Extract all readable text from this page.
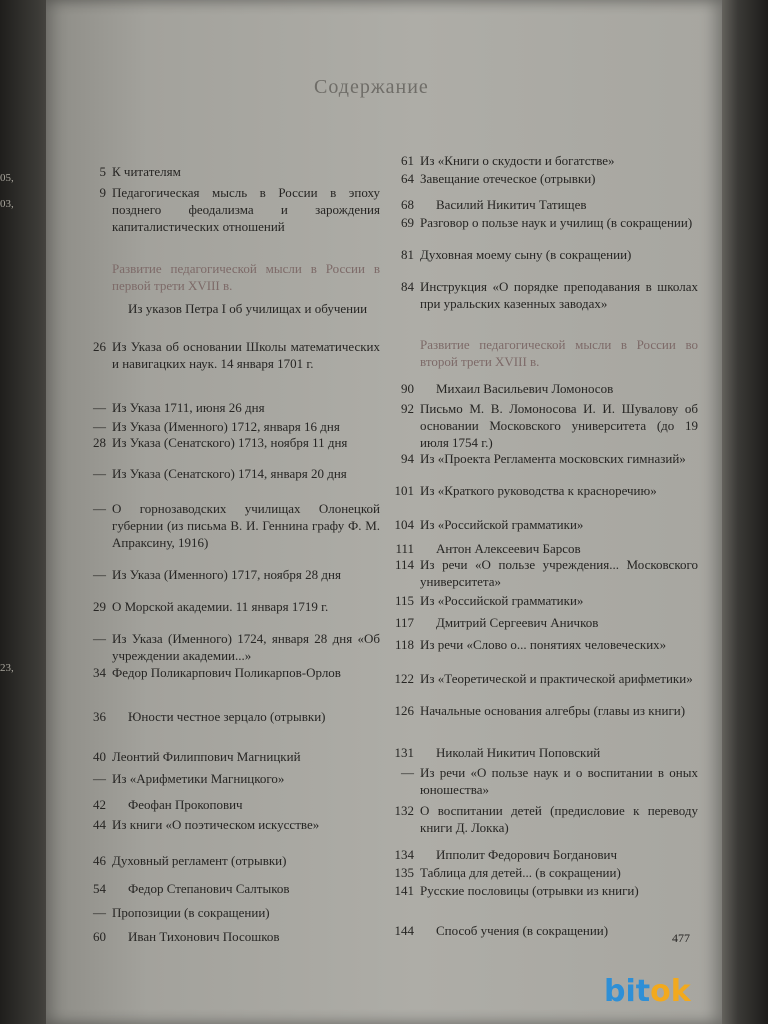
05,
03,
23,
Содержание
5 К читателям
9 Педагогическая мысль в России в эпоху позднего феодализма и зарождения капиталистических отношений
Развитие педагогической мысли в России в первой трети XVIII в.
Из указов Петра I об училищах и обучении
26 Из Указа об основании Школы математических и навигацких наук. 14 января 1701 г.
— Из Указа 1711, июня 26 дня
— Из Указа (Именного) 1712, января 16 дня
28 Из Указа (Сенатского) 1713, ноября 11 дня
— Из Указа (Сенатского) 1714, января 20 дня
— О горнозаводских училищах Олонецкой губернии (из письма В. И. Геннина графу Ф. М. Апраксину, 1916)
— Из Указа (Именного) 1717, ноября 28 дня
29 О Морской академии. 11 января 1719 г.
— Из Указа (Именного) 1724, января 28 дня «Об учреждении академии...»
34 Федор Поликарпович Поликарпов-Орлов
36	Юности честное зерцало (отрывки)
40 Леонтий Филиппович Магницкий
— Из «Арифметики Магницкого»
42	Феофан Прокопович
44 Из книги «О поэтическом искусстве»
46 Духовный регламент (отрывки)
54	Федор Степанович Салтыков
— Пропозиции (в сокращении)
60	Иван Тихонович Посошков
61 Из «Книги о скудости и богатстве»
64 Завещание отеческое (отрывки)
68	Василий Никитич Татищев
69 Разговор о пользе наук и училищ (в сокращении)
81 Духовная моему сыну (в сокращении)
84 Инструкция «О порядке преподавания в школах при уральских казенных заводах»
Развитие педагогической мысли в России во второй трети XVIII в.
90	Михаил Васильевич Ломоносов
92 Письмо М. В. Ломоносова И. И. Шувалову об основании Московского университета (до 19 июля 1754 г.)
94 Из «Проекта Регламента московских гимназий»
101 Из «Краткого руководства к красноречию»
104 Из «Российской грамматики»
111	Антон Алексеевич Барсов
114 Из речи «О пользе учреждения... Московского университета»
115 Из «Российской грамматики»
117	Дмитрий Сергеевич Аничков
118 Из речи «Слово о... понятиях человеческих»
122 Из «Теоретической и практической арифметики»
126 Начальные основания алгебры (главы из книги)
131	Николай Никитич Поповский
— Из речи «О пользе наук и о воспитании в оных юношества»
132 О воспитании детей (предисловие к переводу книги Д. Локка)
134	Ипполит Федорович Богданович
135 Таблица для детей... (в сокращении)
141 Русские пословицы (отрывки из книги)
144	Способ учения (в сокращении)	477
bitok
